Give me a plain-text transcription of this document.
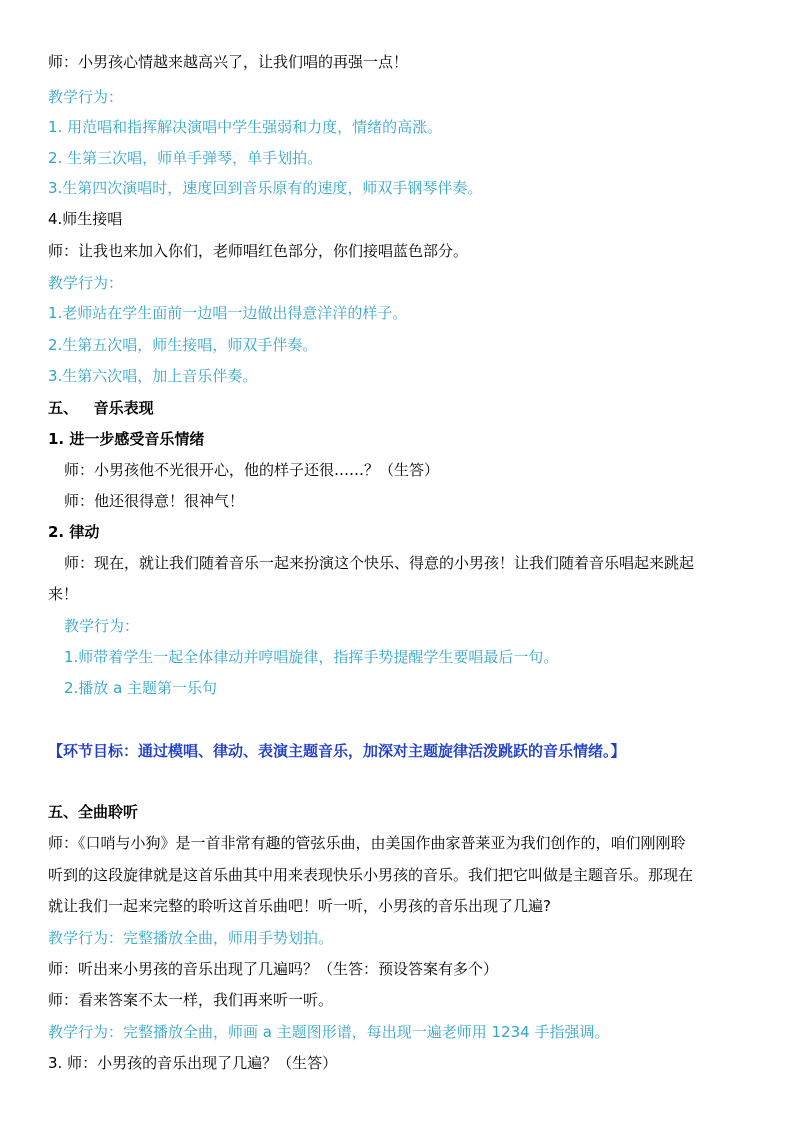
师：小男孩心情越来越高兴了，让我们唱的再强一点！
教学行为：
1. 用范唱和指挥解决演唱中学生强弱和力度，情绪的高涨。
2. 生第三次唱，师单手弹琴，单手划拍。
3.生第四次演唱时，速度回到音乐原有的速度，师双手钢琴伴奏。
4.师生接唱
师：让我也来加入你们，老师唱红色部分，你们接唱蓝色部分。
教学行为：
1.老师站在学生面前一边唱一边做出得意洋洋的样子。
2.生第五次唱，师生接唱，师双手伴奏。
3.生第六次唱，加上音乐伴奏。
五、   音乐表现
1. 进一步感受音乐情绪
师：小男孩他不光很开心，他的样子还很……？（生答）
师：他还很得意！很神气！
2. 律动
师：现在，就让我们随着音乐一起来扮演这个快乐、得意的小男孩！让我们随着音乐唱起来跳起
来！
教学行为：
1.师带着学生一起全体律动并哼唱旋律，指挥手势提醒学生要唱最后一句。
2.播放 a 主题第一乐句
【环节目标：通过模唱、律动、表演主题音乐，加深对主题旋律活泼跳跃的音乐情绪。】
五、全曲聆听
师：《口哨与小狗》是一首非常有趣的管弦乐曲，由美国作曲家普莱亚为我们创作的，咱们刚刚聆
听到的这段旋律就是这首乐曲其中用来表现快乐小男孩的音乐。我们把它叫做是主题音乐。那现在
就让我们一起来完整的聆听这首乐曲吧！听一听，小男孩的音乐出现了几遍?
教学行为：完整播放全曲，师用手势划拍。
师：听出来小男孩的音乐出现了几遍吗？（生答：预设答案有多个）
师：看来答案不太一样，我们再来听一听。
教学行为：完整播放全曲，师画 a 主题图形谱，每出现一遍老师用 1234 手指强调。
3. 师：小男孩的音乐出现了几遍？（生答）
